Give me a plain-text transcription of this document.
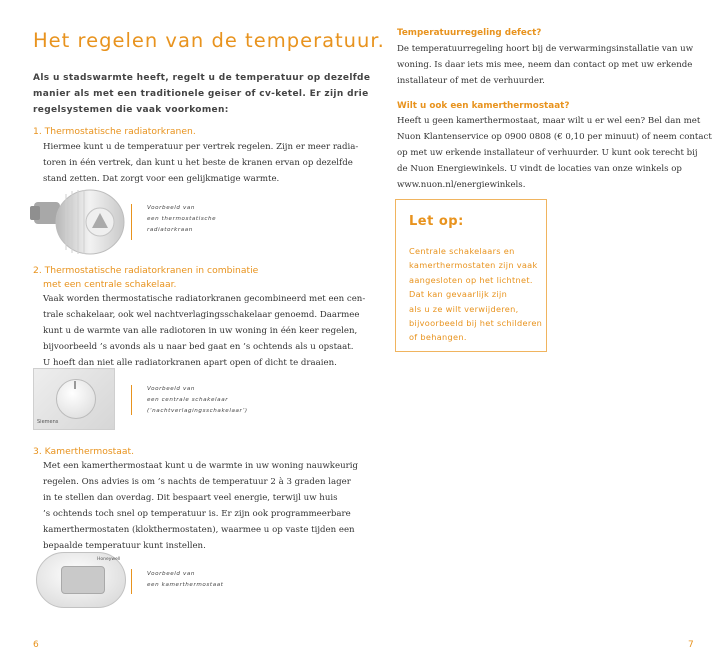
Het regelen van de temperatuur.
Als u stadswarmte heeft, regelt u de temperatuur op dezelfde
manier als met een traditionele geiser of cv-ketel. Er zijn drie
regelsystemen die vaak voorkomen:
1. Thermostatische radiatorkranen.
Hiermee kunt u de temperatuur per vertrek regelen. Zijn er meer radia-
toren in één vertrek, dan kunt u het beste de kranen ervan op dezelfde
stand zetten. Dat zorgt voor een gelijkmatige warmte.
Voorbeeld van
een thermostatische
radiatorkraan
2. Thermostatische radiatorkranen in combinatie
met een centrale schakelaar.
Vaak worden thermostatische radiatorkranen gecombineerd met een cen-
trale schakelaar, ook wel nachtverlagingsschakelaar genoemd. Daarmee
kunt u de warmte van alle radiotoren in uw woning in één keer regelen,
bijvoorbeeld ’s avonds als u naar bed gaat en ’s ochtends als u opstaat.
U hoeft dan niet alle radiatorkranen apart open of dicht te draaien.
Siemens
Voorbeeld van
een centrale schakelaar
(‘nachtverlagingsschakelaar’)
3. Kamerthermostaat.
Met een kamerthermostaat kunt u de warmte in uw woning nauwkeurig
regelen. Ons advies is om ’s nachts de temperatuur 2 à 3 graden lager
in te stellen dan overdag. Dit bespaart veel energie, terwijl uw huis
’s ochtends toch snel op temperatuur is. Er zijn ook programmeerbare
kamerthermostaten (klokthermostaten), waarmee u op vaste tijden een
bepaalde temperatuur kunt instellen.
Honeywell
Voorbeeld van
een kamerthermostaat
6
Temperatuurregeling defect?
De temperatuurregeling hoort bij de verwarmingsinstallatie van uw
woning. Is daar iets mis mee, neem dan contact op met uw erkende
installateur of met de verhuurder.
Wilt u ook een kamerthermostaat?
Heeft u geen kamerthermostaat, maar wilt u er wel een? Bel dan met
Nuon Klantenservice op 0900 0808 (€ 0,10 per minuut) of neem contact
op met uw erkende installateur of verhuurder. U kunt ook terecht bij
de Nuon Energiewinkels. U vindt de locaties van onze winkels op
www.nuon.nl/energiewinkels.
Let op:
Centrale schakelaars en
kamerthermostaten zijn vaak
aangesloten op het lichtnet.
Dat kan gevaarlijk zijn
als u ze wilt verwijderen,
bijvoorbeeld bij het schilderen
of behangen.
7
